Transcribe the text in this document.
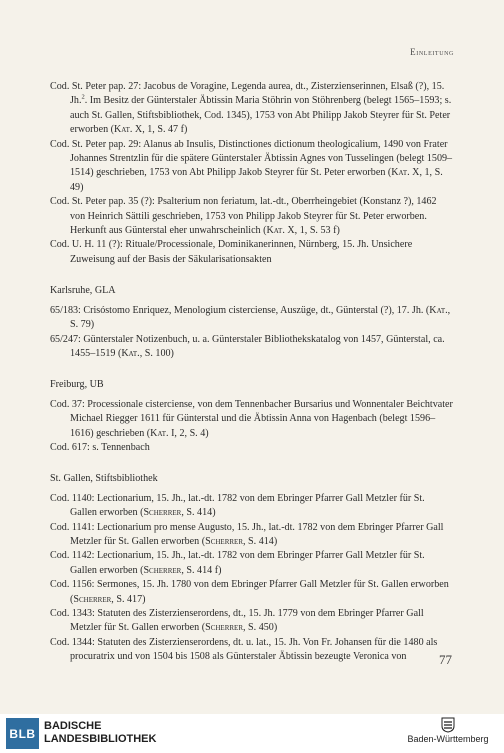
Einleitung

Cod. St. Peter pap. 27: Jacobus de Voragine, Legenda aurea, dt., Zisterzienserinnen, Elsaß (?), 15. Jh.$^2$. Im Besitz der Günterstaler Äbtissin Maria Stöhrin von Stöhrenberg (belegt 1565–1593; s. auch St. Gallen, Stiftsbibliothek, Cod. 1345), 1753 von Abt Philipp Jakob Steyrer für St. Peter erworben (Kat. X, 1, S. 47 f)

Cod. St. Peter pap. 29: Alanus ab Insulis, Distinctiones dictionum theologicalium, 1490 von Frater Johannes Strentzlin für die spätere Günterstaler Äbtissin Agnes von Tusselingen (belegt 1509–1514) geschrieben, 1753 von Abt Philipp Jakob Steyrer für St. Peter erworben (Kat. X, 1, S. 49)

Cod. St. Peter pap. 35 (?): Psalterium non feriatum, lat.-dt., Oberrheingebiet (Konstanz ?), 1462 von Heinrich Sättili geschrieben, 1753 von Philipp Jakob Steyrer für St. Peter erworben. Herkunft aus Günterstal eher unwahrscheinlich (Kat. X, 1, S. 53 f)

Cod. U. H. 11 (?): Rituale/Processionale, Dominikanerinnen, Nürnberg, 15. Jh. Unsichere Zuweisung auf der Basis der Säkularisationsakten

Karlsruhe, GLA

65/183: Crisóstomo Enriquez, Menologium cisterciense, Auszüge, dt., Günterstal (?), 17. Jh. (Kat., S. 79)

65/247: Günterstaler Notizenbuch, u. a. Günterstaler Bibliothekskatalog von 1457, Günterstal, ca. 1455–1519 (Kat., S. 100)

Freiburg, UB

Cod. 37: Processionale cisterciense, von dem Tennenbacher Bursarius und Wonnentaler Beichtvater Michael Riegger 1611 für Günterstal und die Äbtissin Anna von Hagenbach (belegt 1596–1616) geschrieben (Kat. I, 2, S. 4)

Cod. 617: s. Tennenbach

St. Gallen, Stiftsbibliothek

Cod. 1140: Lectionarium, 15. Jh., lat.-dt. 1782 von dem Ebringer Pfarrer Gall Metzler für St. Gallen erworben (Scherrer, S. 414)

Cod. 1141: Lectionarium pro mense Augusto, 15. Jh., lat.-dt. 1782 von dem Ebringer Pfarrer Gall Metzler für St. Gallen erworben (Scherrer, S. 414)

Cod. 1142: Lectionarium, 15. Jh., lat.-dt. 1782 von dem Ebringer Pfarrer Gall Metzler für St. Gallen erworben (Scherrer, S. 414 f)

Cod. 1156: Sermones, 15. Jh. 1780 von dem Ebringer Pfarrer Gall Metzler für St. Gallen erworben (Scherrer, S. 417)

Cod. 1343: Statuten des Zisterzienserordens, dt., 15. Jh. 1779 von dem Ebringer Pfarrer Gall Metzler für St. Gallen erworben (Scherrer, S. 450)

Cod. 1344: Statuten des Zisterzienserordens, dt. u. lat., 15. Jh. Von Fr. Johansen für die 1480 als procuratrix und von 1504 bis 1508 als Günterstaler Äbtissin bezeugte Veronica von	77
BLB
BADISCHE
LANDESBIBLIOTHEK	Baden-Württemberg
